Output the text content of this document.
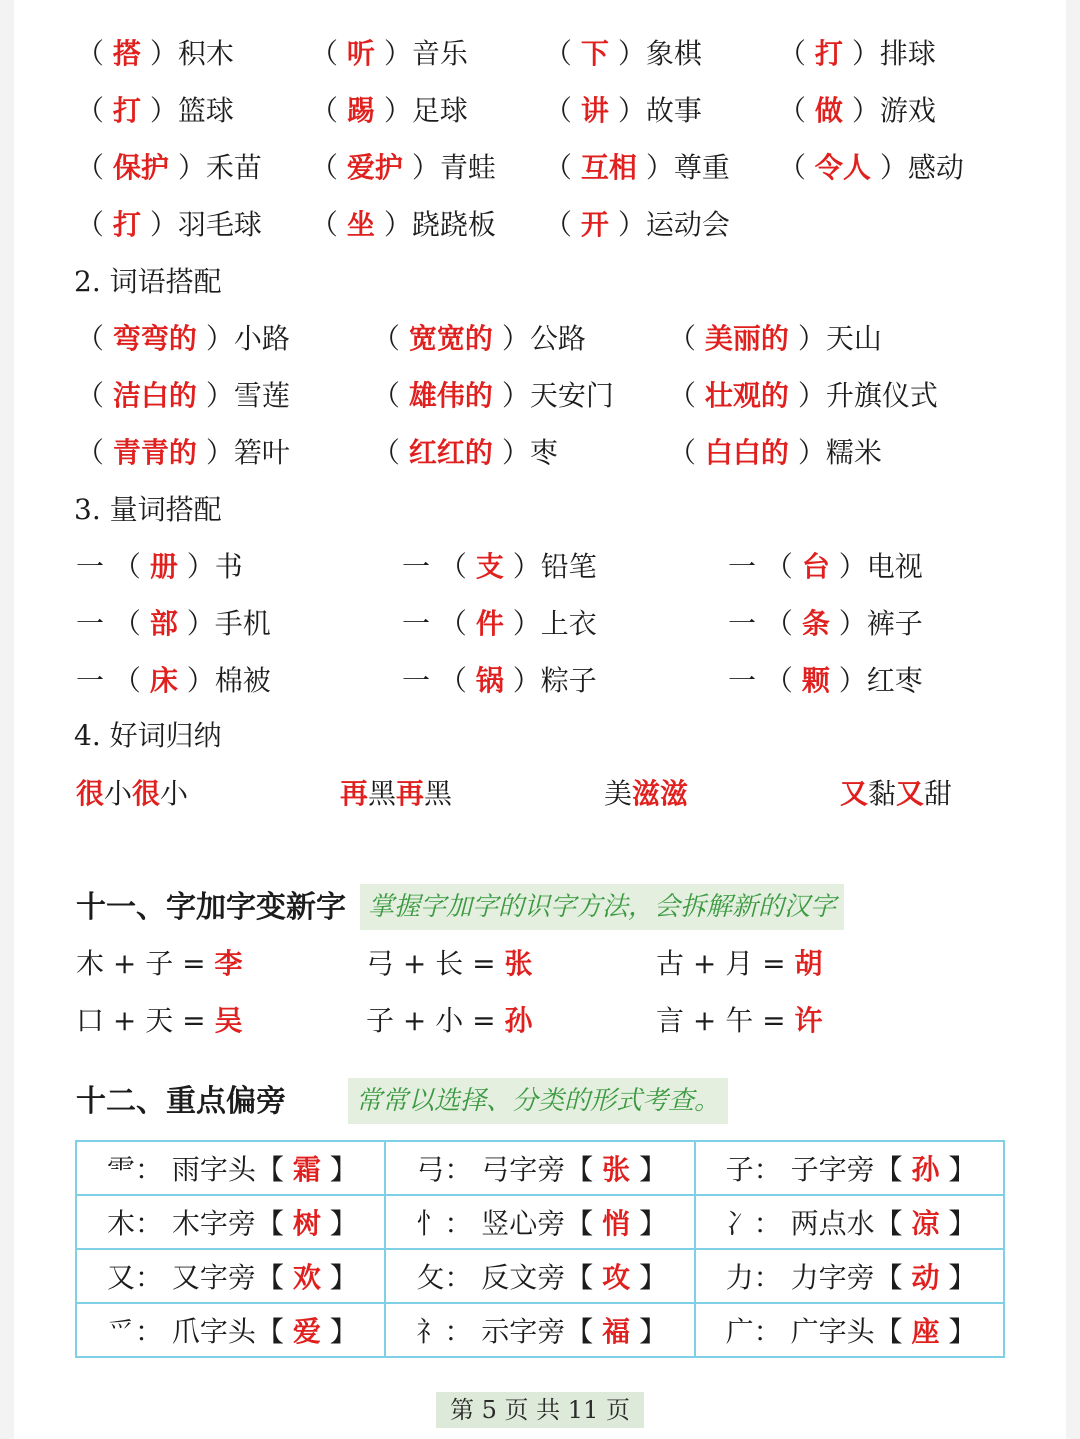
（ 搭 ）积木	（ 听 ）音乐	（ 下 ）象棋	（ 打 ）排球
（ 打 ）篮球	（ 踢 ）足球	（ 讲 ）故事	（ 做 ）游戏
（ 保护 ）禾苗 （ 爱护 ）青蛙 （ 互相 ）尊重 （ 令人 ）感动
（ 打 ）羽毛球 （ 坐 ）跷跷板 （ 开 ）运动会
2. 词语搭配
（ 弯弯的 ）小路	（ 宽宽的 ）公路	（ 美丽的 ）天山
（ 洁白的 ）雪莲	（ 雄伟的 ）天安门 （ 壮观的 ）升旗仪式
（ 青青的 ）箬叶	（ 红红的 ）枣	（ 白白的 ）糯米
3. 量词搭配
一 （ 册 ）书	一 （ 支 ）铅笔	一 （ 台 ）电视
一 （ 部 ）手机	一 （ 件 ）上衣	一 （ 条 ）裤子
一 （ 床 ）棉被	一 （ 锅 ）粽子	一 （ 颗 ）红枣
4. 好词归纳
很小很小	再黑再黑	美滋滋	又黏又甜
十一、字加字变新字 掌握字加字的识字方法，会拆解新的汉字
木 + 子 = 李	弓 + 长 = 张	古 + 月 = 胡
口 + 天 = 吴	子 + 小 = 孙	言 + 午 = 许
十二、重点偏旁	常常以选择、分类的形式考查。
⻗： 雨字头【 霜 】	弓： 弓字旁【 张 】	子： 子字旁【 孙 】
木： 木字旁【 树 】	忄： 竖心旁【 悄 】	冫： 两点水【 凉 】
又： 又字旁【 欢 】	攵： 反文旁【 攻 】	力： 力字旁【 动 】
爫： 爪字头【 爱 】	礻： 示字旁【 福 】	广： 广字头【 座 】
第 5 页 共 11 页
